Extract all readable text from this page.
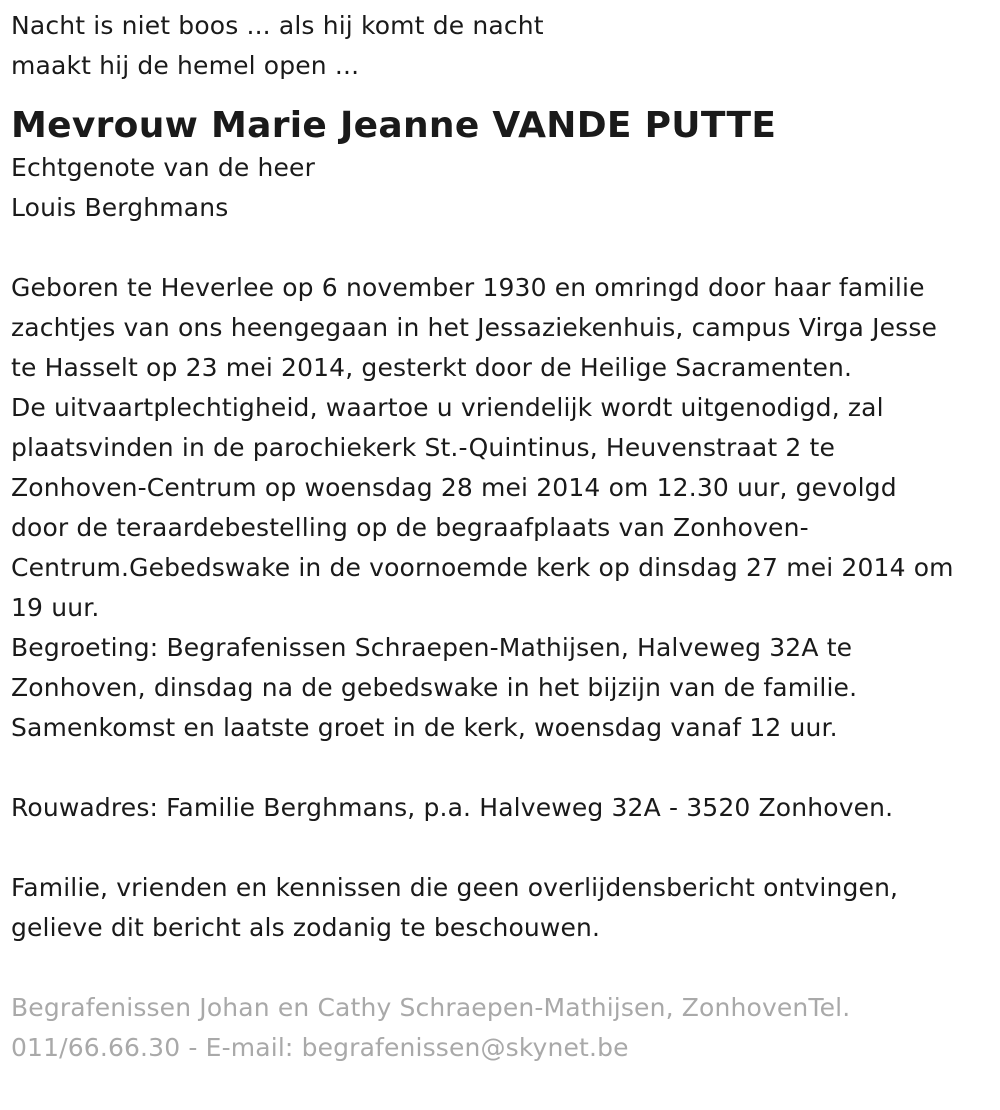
Nacht is niet boos ... als hij komt de nacht
maakt hij de hemel open ...
Mevrouw Marie Jeanne VANDE PUTTE
Echtgenote van de heer
Louis Berghmans
Geboren te Heverlee op 6 november 1930 en omringd door haar familie
zachtjes van ons heengegaan in het Jessaziekenhuis, campus Virga Jesse
te Hasselt op 23 mei 2014, gesterkt door de Heilige Sacramenten.
De uitvaartplechtigheid, waartoe u vriendelijk wordt uitgenodigd, zal
plaatsvinden in de parochiekerk St.-Quintinus, Heuvenstraat 2 te
Zonhoven-Centrum op woensdag 28 mei 2014 om 12.30 uur, gevolgd
door de teraardebestelling op de begraafplaats van Zonhoven-
Centrum.Gebedswake in de voornoemde kerk op dinsdag 27 mei 2014 om
19 uur.
Begroeting: Begrafenissen Schraepen-Mathijsen, Halveweg 32A te
Zonhoven, dinsdag na de gebedswake in het bijzijn van de familie.
Samenkomst en laatste groet in de kerk, woensdag vanaf 12 uur.
Rouwadres: Familie Berghmans, p.a. Halveweg 32A - 3520 Zonhoven.
Familie, vrienden en kennissen die geen overlijdensbericht ontvingen,
gelieve dit bericht als zodanig te beschouwen.
Begrafenissen Johan en Cathy Schraepen-Mathijsen, ZonhovenTel.
011/66.66.30 - E-mail: begrafenissen@skynet.be
